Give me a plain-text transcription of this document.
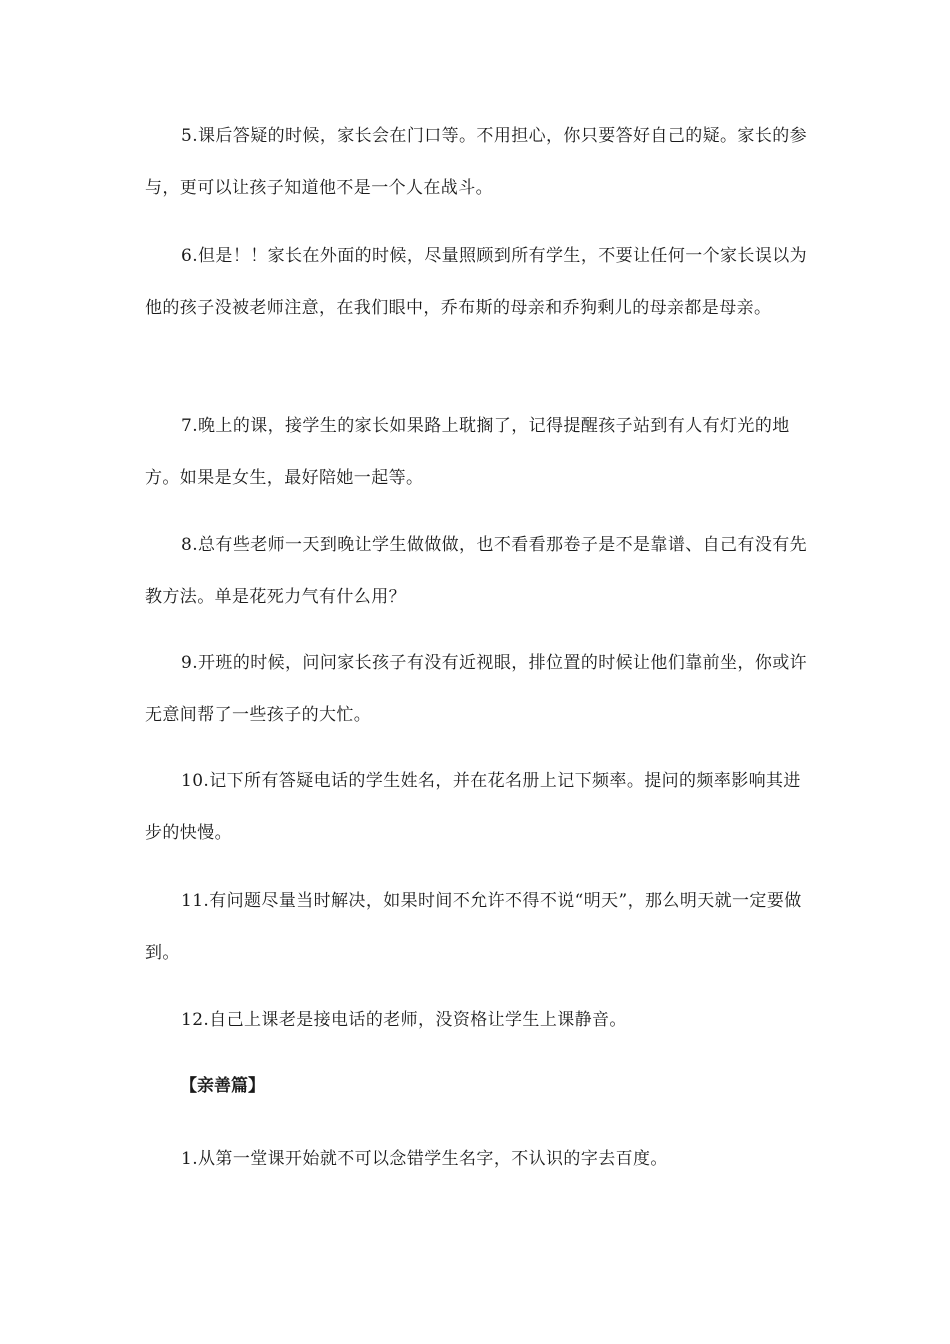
5.课后答疑的时候，家长会在门口等。不用担心，你只要答好自己的疑。家长的参与，更可以让孩子知道他不是一个人在战斗。

6.但是！！家长在外面的时候，尽量照顾到所有学生，不要让任何一个家长误以为他的孩子没被老师注意，在我们眼中，乔布斯的母亲和乔狗剩儿的母亲都是母亲。

7.晚上的课，接学生的家长如果路上耽搁了，记得提醒孩子站到有人有灯光的地方。如果是女生，最好陪她一起等。

8.总有些老师一天到晚让学生做做做，也不看看那卷子是不是靠谱、自己有没有先教方法。单是花死力气有什么用？

9.开班的时候，问问家长孩子有没有近视眼，排位置的时候让他们靠前坐，你或许无意间帮了一些孩子的大忙。

10.记下所有答疑电话的学生姓名，并在花名册上记下频率。提问的频率影响其进步的快慢。

11.有问题尽量当时解决，如果时间不允许不得不说“明天”，那么明天就一定要做到。

12.自己上课老是接电话的老师，没资格让学生上课静音。

【亲善篇】

1.从第一堂课开始就不可以念错学生名字，不认识的字去百度。
